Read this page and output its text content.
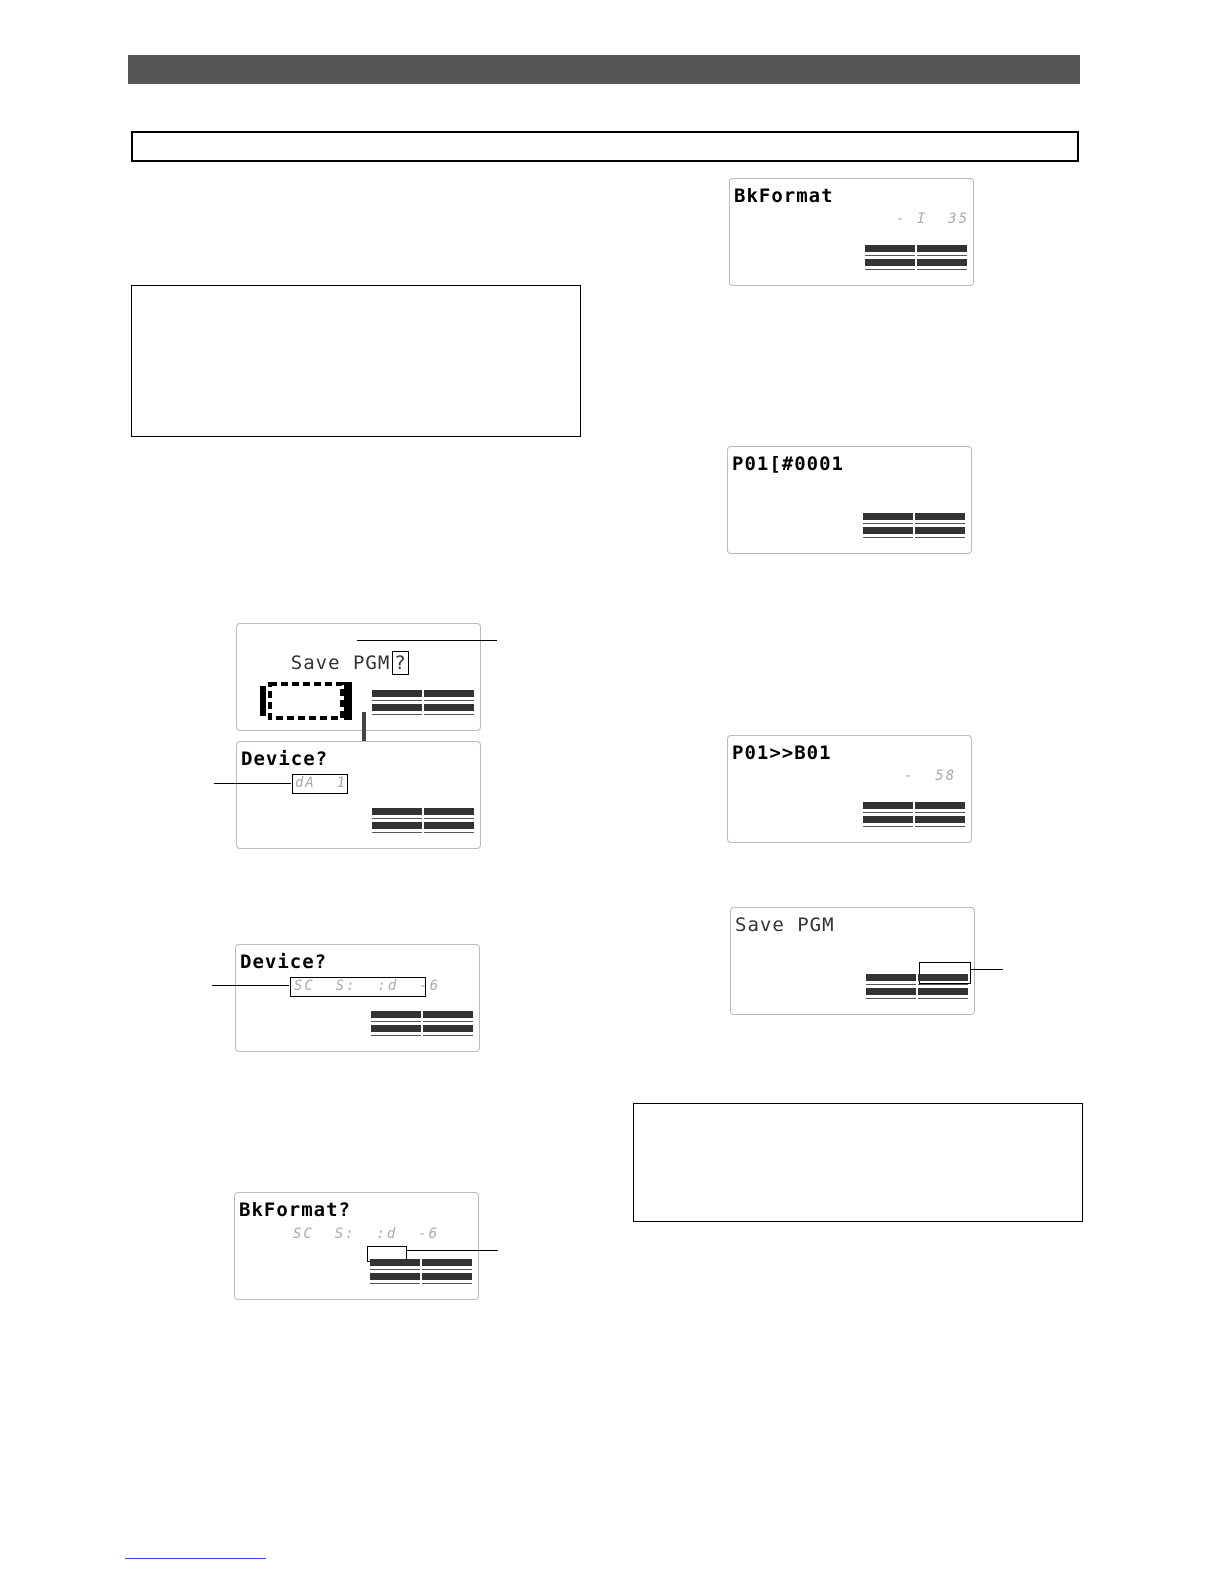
Save PGM ?

Device?
dA  1
Device?
SC  S:  :d  -6
BkFormat?
SC  S:  :d  -6
BkFormat
- I  35
P01[#0001
P01>>B01
-  58
Save PGM
